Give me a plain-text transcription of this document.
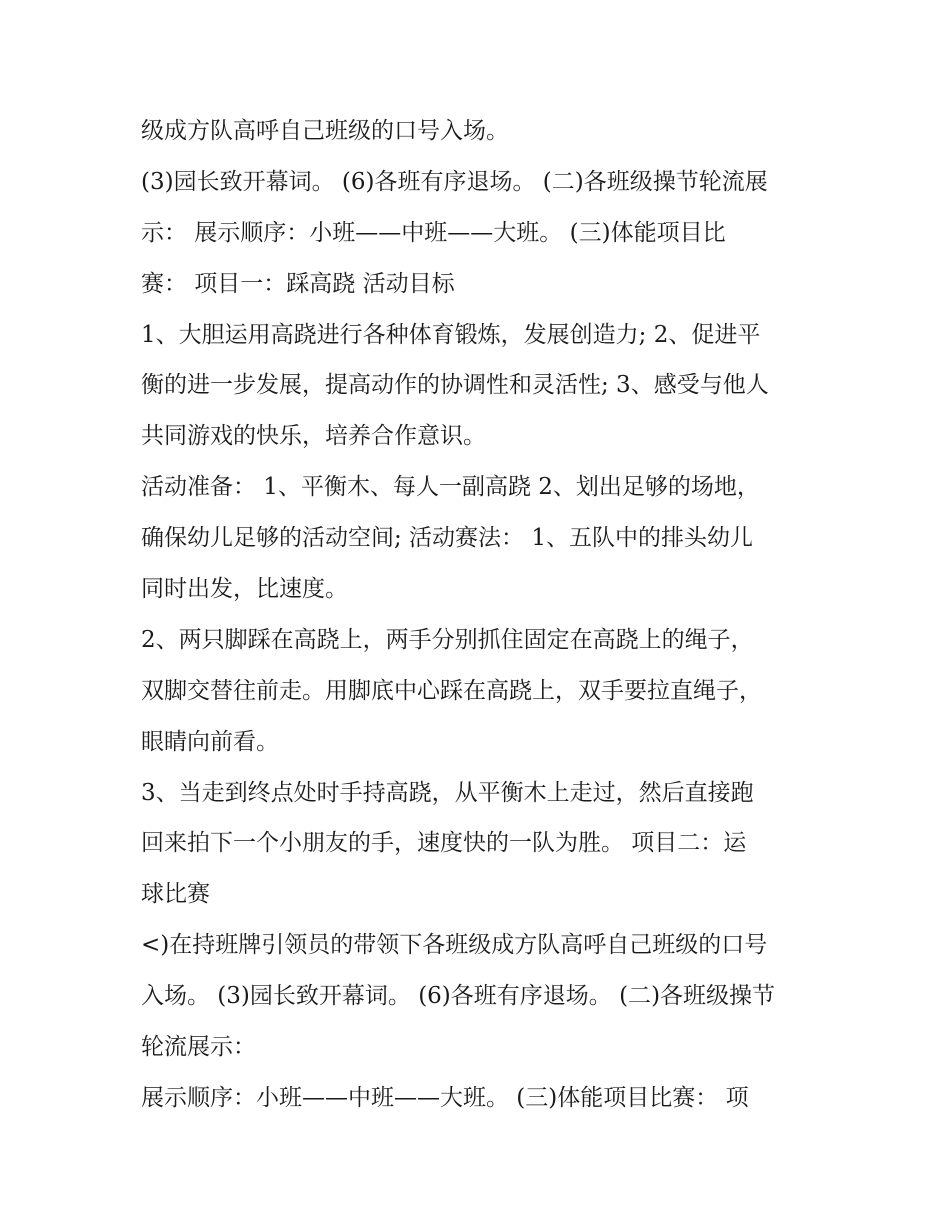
级成方队高呼自己班级的口号入场。
(3)园长致开幕词。 (6)各班有序退场。 (二)各班级操节轮流展
示： 展示顺序：小班——中班——大班。 (三)体能项目比
赛： 项目一：踩高跷 活动目标
1、大胆运用高跷进行各种体育锻炼，发展创造力; 2、促进平
衡的进一步发展，提高动作的协调性和灵活性; 3、感受与他人
共同游戏的快乐，培养合作意识。
活动准备： 1、平衡木、每人一副高跷 2、划出足够的场地，
确保幼儿足够的活动空间; 活动赛法： 1、五队中的排头幼儿
同时出发，比速度。
2、两只脚踩在高跷上，两手分别抓住固定在高跷上的绳子，
双脚交替往前走。用脚底中心踩在高跷上，双手要拉直绳子，
眼睛向前看。
3、当走到终点处时手持高跷，从平衡木上走过，然后直接跑
回来拍下一个小朋友的手，速度快的一队为胜。 项目二：运
球比赛
<)在持班牌引领员的带领下各班级成方队高呼自己班级的口号
入场。 (3)园长致开幕词。 (6)各班有序退场。 (二)各班级操节
轮流展示：
展示顺序：小班——中班——大班。 (三)体能项目比赛： 项
